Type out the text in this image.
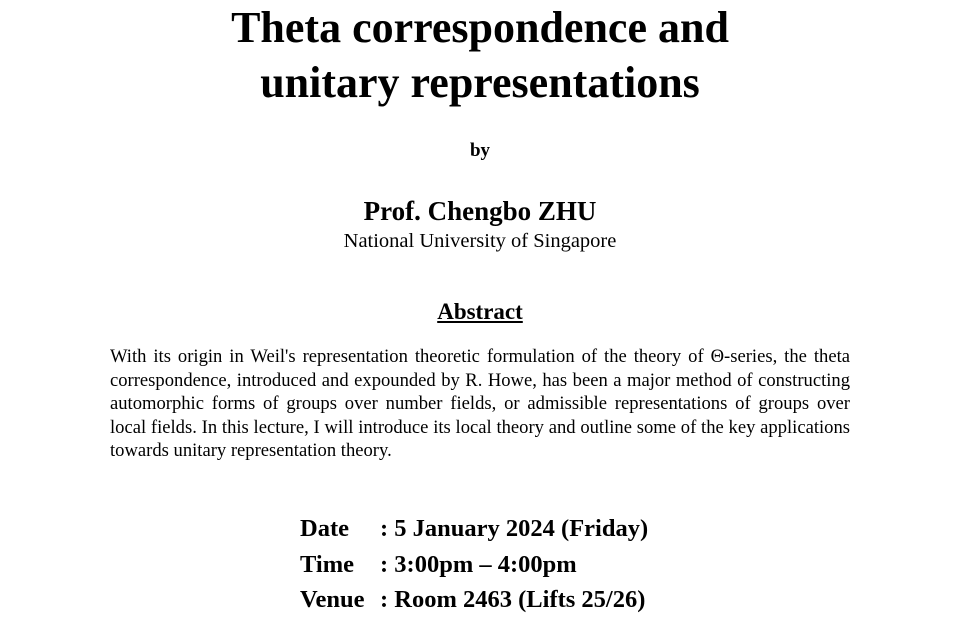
Theta correspondence and
unitary representations
by
Prof. Chengbo ZHU
National University of Singapore
Abstract
With its origin in Weil's representation theoretic formulation of the theory of Θ-series, the theta correspondence, introduced and expounded by R. Howe, has been a major method of constructing automorphic forms of groups over number fields, or admissible representations of groups over local fields. In this lecture, I will introduce its local theory and outline some of the key applications towards unitary representation theory.
Date	: 5 January 2024 (Friday)
Time	: 3:00pm – 4:00pm
Venue : Room 2463 (Lifts 25/26)
